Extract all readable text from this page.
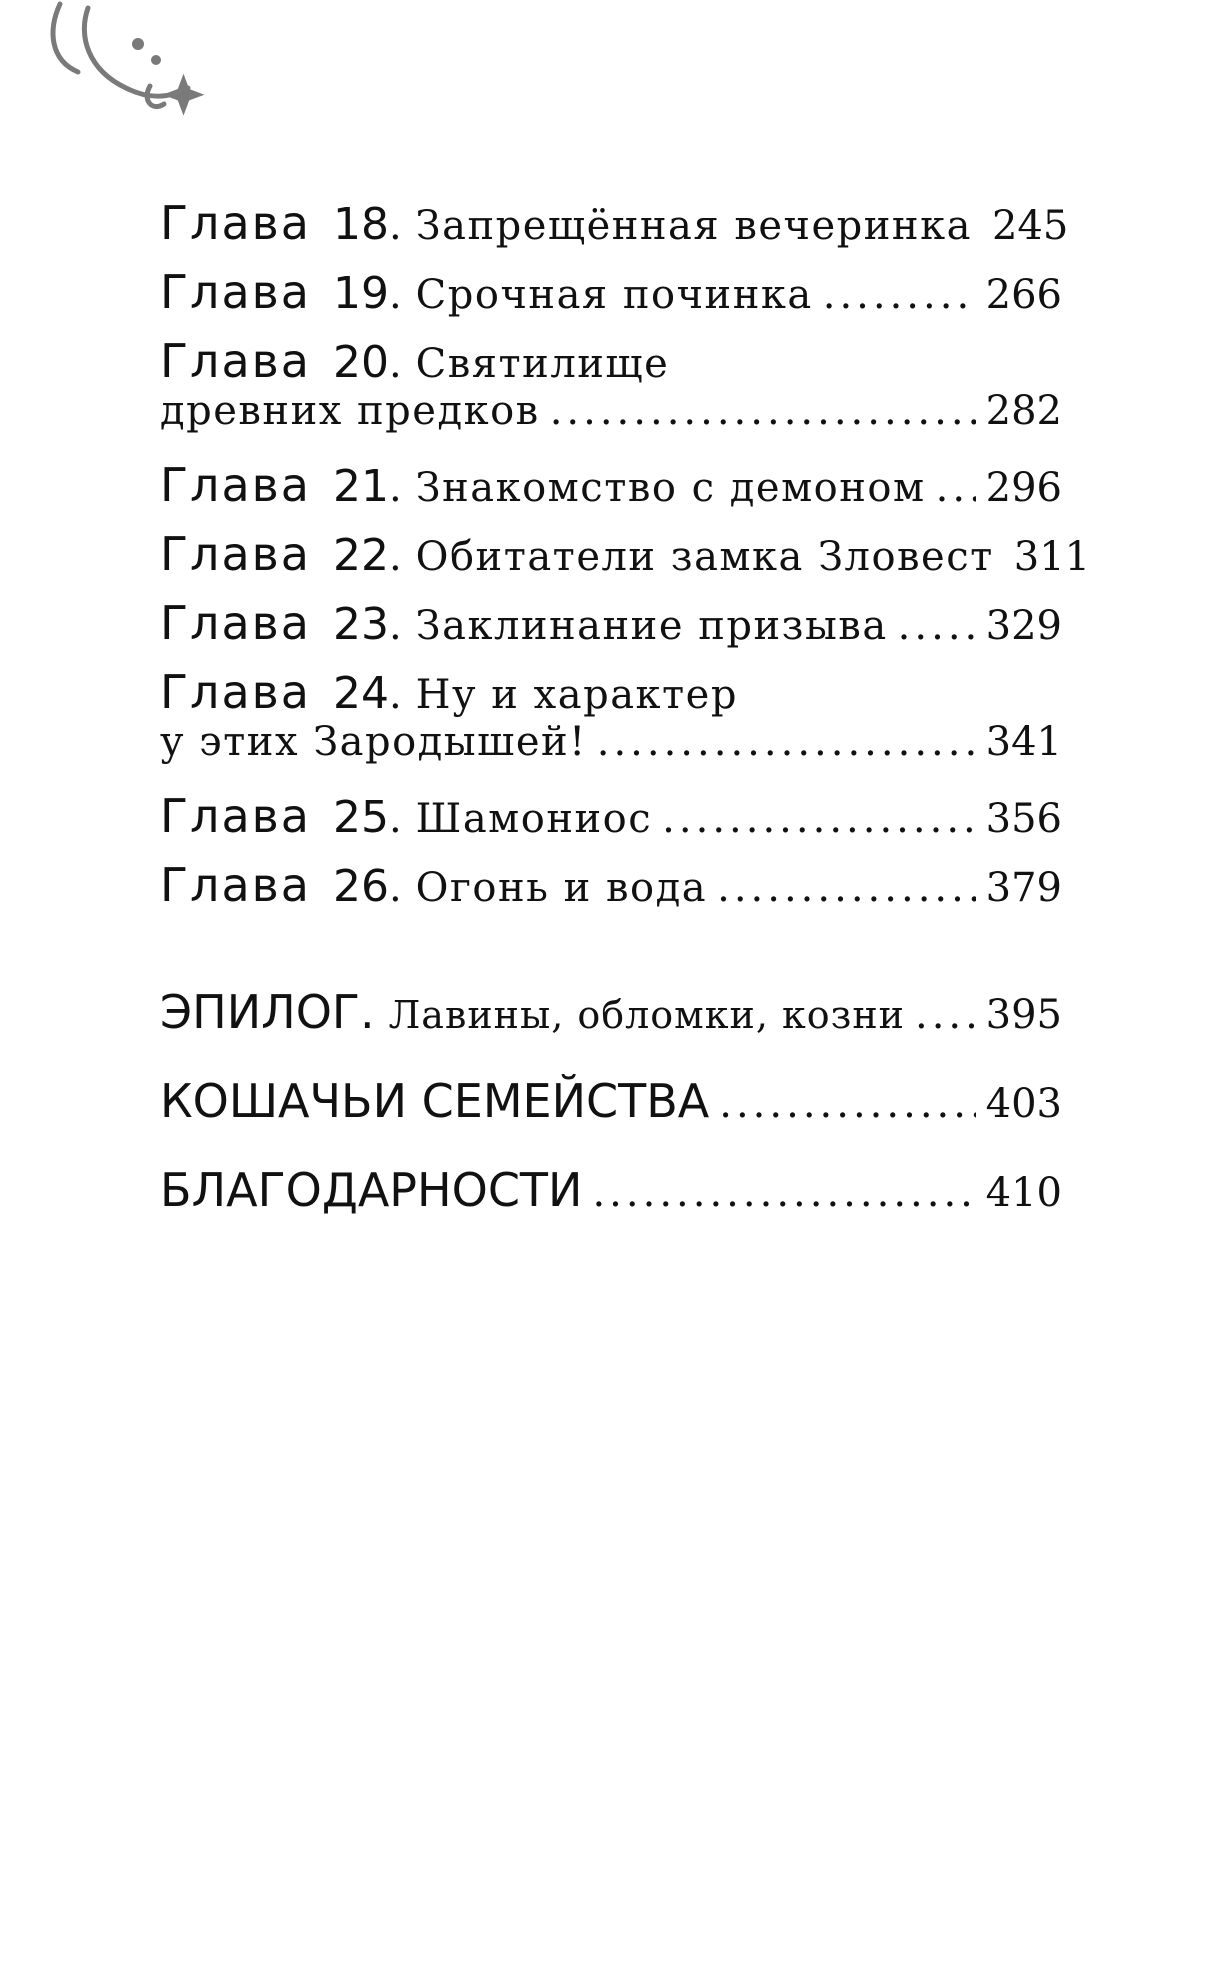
Глава 18 . Запрещённая вечеринка 245
Глава 19 . Срочная починка .....	266
Глава 20 . Святилище
древних предков .....	282
Глава 21 . Знакомство с демоном ..... 296
Глава 22 . Обитатели замка Зловест 311
Глава 23 . Заклинание призыва ..... 329
Глава 24 . Ну и характер
у этих Зародышей! .....	341
Глава 25 . Шамониос .....	356
Глава 26 . Огонь и вода .....	379
ЭПИЛОГ. Лавины, обломки, козни ..... 395
КОШАЧЬИ СЕМЕЙСТВА .....	403
БЛАГОДАРНОСТИ .....	410
